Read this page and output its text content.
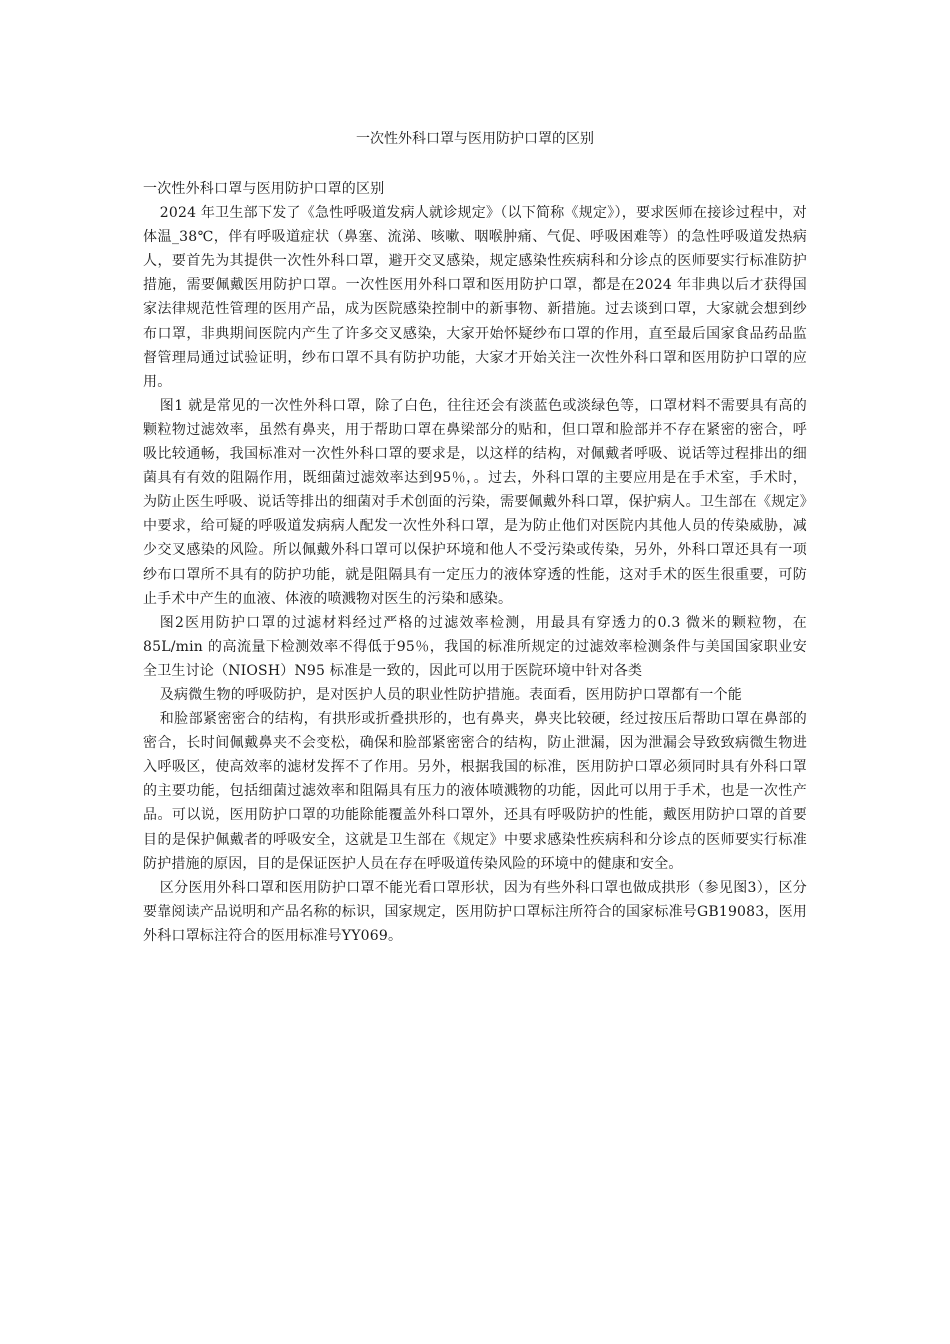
一次性外科口罩与医用防护口罩的区别

一次性外科口罩与医用防护口罩的区别

2024 年卫生部下发了《急性呼吸道发病人就诊规定》（以下简称《规定》），要求医师在接诊过程中，对体温_38℃，伴有呼吸道症状（鼻塞、流涕、咳嗽、咽喉肿痛、气促、呼吸困难等）的急性呼吸道发热病人，要首先为其提供一次性外科口罩，避开交叉感染，规定感染性疾病科和分诊点的医师要实行标准防护措施，需要佩戴医用防护口罩。一次性医用外科口罩和医用防护口罩，都是在2024 年非典以后才获得国家法律规范性管理的医用产品，成为医院感染控制中的新事物、新措施。过去谈到口罩，大家就会想到纱布口罩，非典期间医院内产生了许多交叉感染，大家开始怀疑纱布口罩的作用，直至最后国家食品药品监督管理局通过试验证明，纱布口罩不具有防护功能，大家才开始关注一次性外科口罩和医用防护口罩的应用。

图1 就是常见的一次性外科口罩，除了白色，往往还会有淡蓝色或淡绿色等，口罩材料不需要具有高的颗粒物过滤效率，虽然有鼻夹，用于帮助口罩在鼻梁部分的贴和，但口罩和脸部并不存在紧密的密合，呼吸比较通畅，我国标准对一次性外科口罩的要求是，以这样的结构，对佩戴者呼吸、说话等过程排出的细菌具有有效的阻隔作用，既细菌过滤效率达到95％，。过去，外科口罩的主要应用是在手术室，手术时，为防止医生呼吸、说话等排出的细菌对手术创面的污染，需要佩戴外科口罩，保护病人。卫生部在《规定》中要求，给可疑的呼吸道发病病人配发一次性外科口罩，是为防止他们对医院内其他人员的传染威胁，减少交叉感染的风险。所以佩戴外科口罩可以保护环境和他人不受污染或传染，另外，外科口罩还具有一项纱布口罩所不具有的防护功能，就是阻隔具有一定压力的液体穿透的性能，这对手术的医生很重要，可防止手术中产生的血液、体液的喷溅物对医生的污染和感染。

图2医用防护口罩的过滤材料经过严格的过滤效率检测，用最具有穿透力的0.3 微米的颗粒物，在85L/min 的高流量下检测效率不得低于95％，我国的标准所规定的过滤效率检测条件与美国国家职业安全卫生讨论（NIOSH）N95 标准是一致的，因此可以用于医院环境中针对各类

及病微生物的呼吸防护，是对医护人员的职业性防护措施。表面看，医用防护口罩都有一个能

和脸部紧密密合的结构，有拱形或折叠拱形的，也有鼻夹，鼻夹比较硬，经过按压后帮助口罩在鼻部的密合，长时间佩戴鼻夹不会变松，确保和脸部紧密密合的结构，防止泄漏，因为泄漏会导致致病微生物进入呼吸区，使高效率的滤材发挥不了作用。另外，根据我国的标准，医用防护口罩必须同时具有外科口罩的主要功能，包括细菌过滤效率和阻隔具有压力的液体喷溅物的功能，因此可以用于手术，也是一次性产品。可以说，医用防护口罩的功能除能覆盖外科口罩外，还具有呼吸防护的性能，戴医用防护口罩的首要目的是保护佩戴者的呼吸安全，这就是卫生部在《规定》中要求感染性疾病科和分诊点的医师要实行标准防护措施的原因，目的是保证医护人员在存在呼吸道传染风险的环境中的健康和安全。

区分医用外科口罩和医用防护口罩不能光看口罩形状，因为有些外科口罩也做成拱形（参见图3），区分要靠阅读产品说明和产品名称的标识，国家规定，医用防护口罩标注所符合的国家标准号GB19083，医用外科口罩标注符合的医用标准号YY069。
